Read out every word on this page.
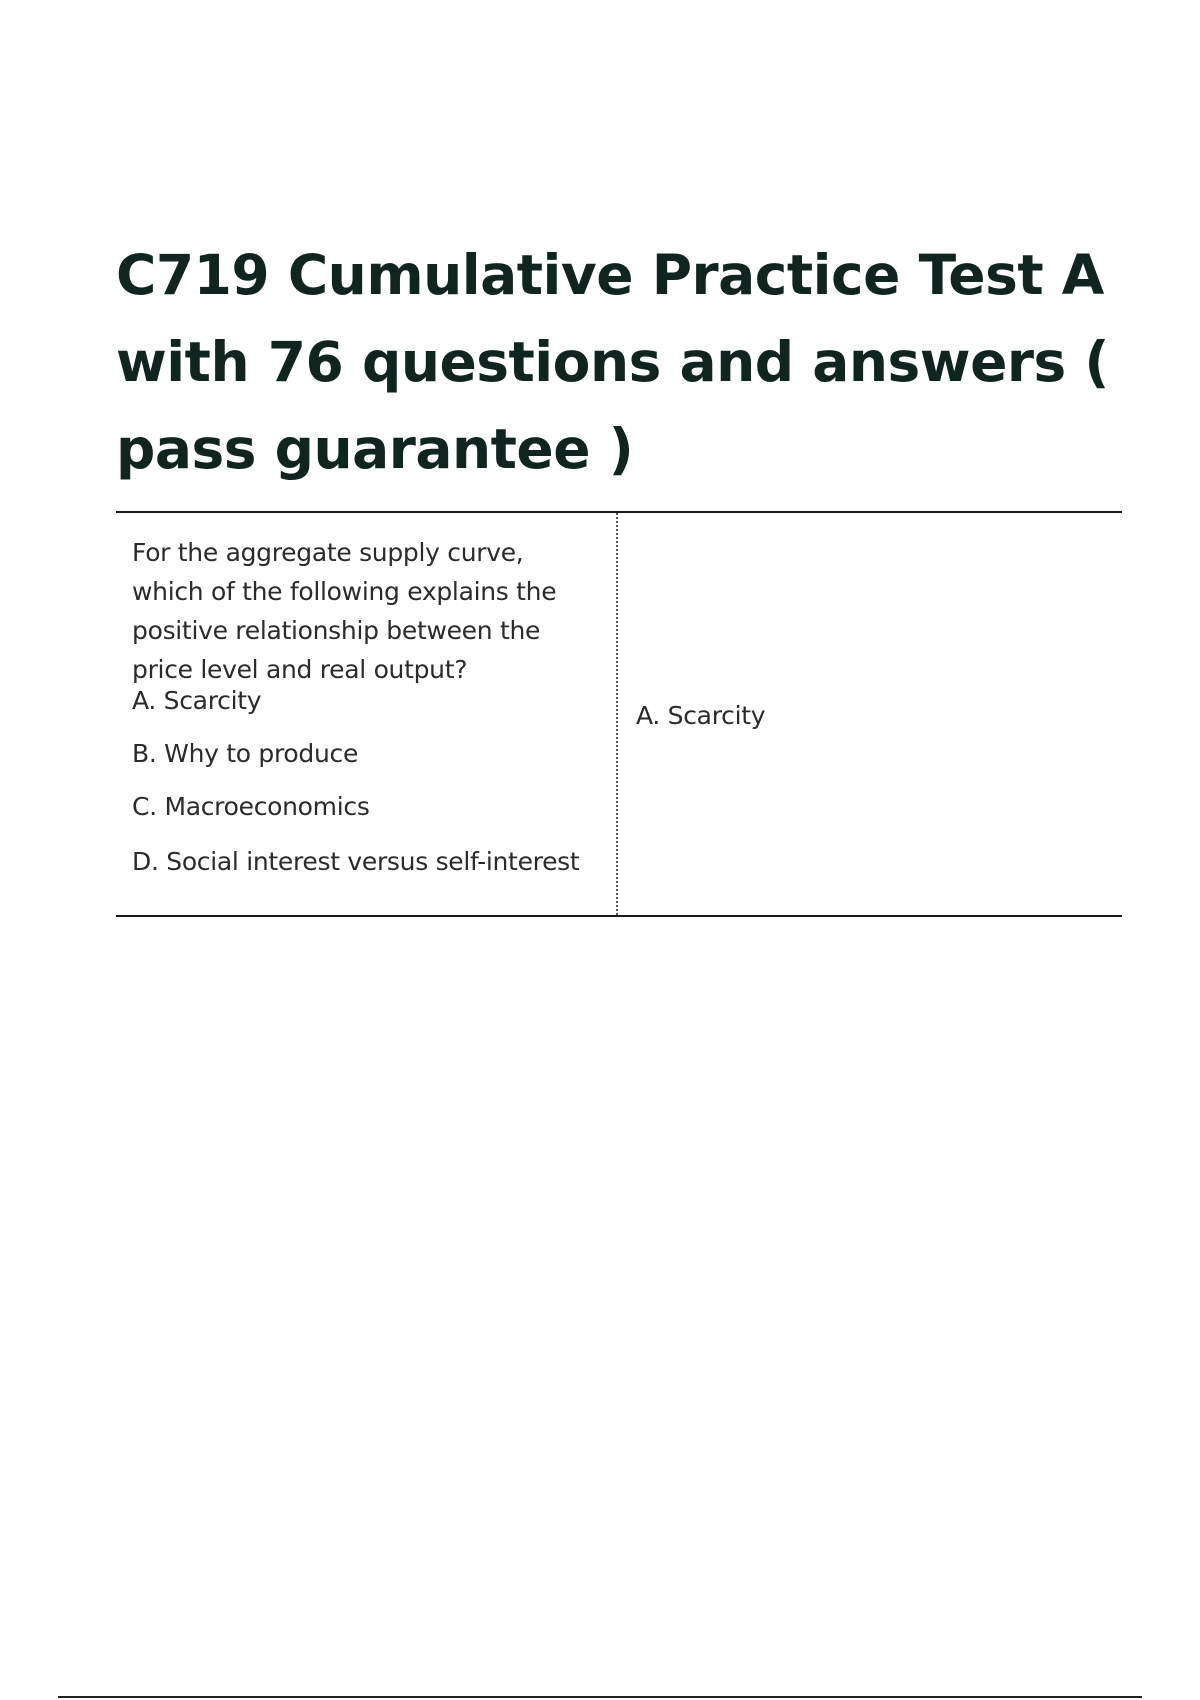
C719 Cumulative Practice Test A with 76 questions and answers ( pass guarantee )

For the aggregate supply curve, which of the following explains the positive relationship between the price level and real output?

A. Scarcity
B. Why to produce
C. Macroeconomics
D. Social interest versus self-interest

A. Scarcity
